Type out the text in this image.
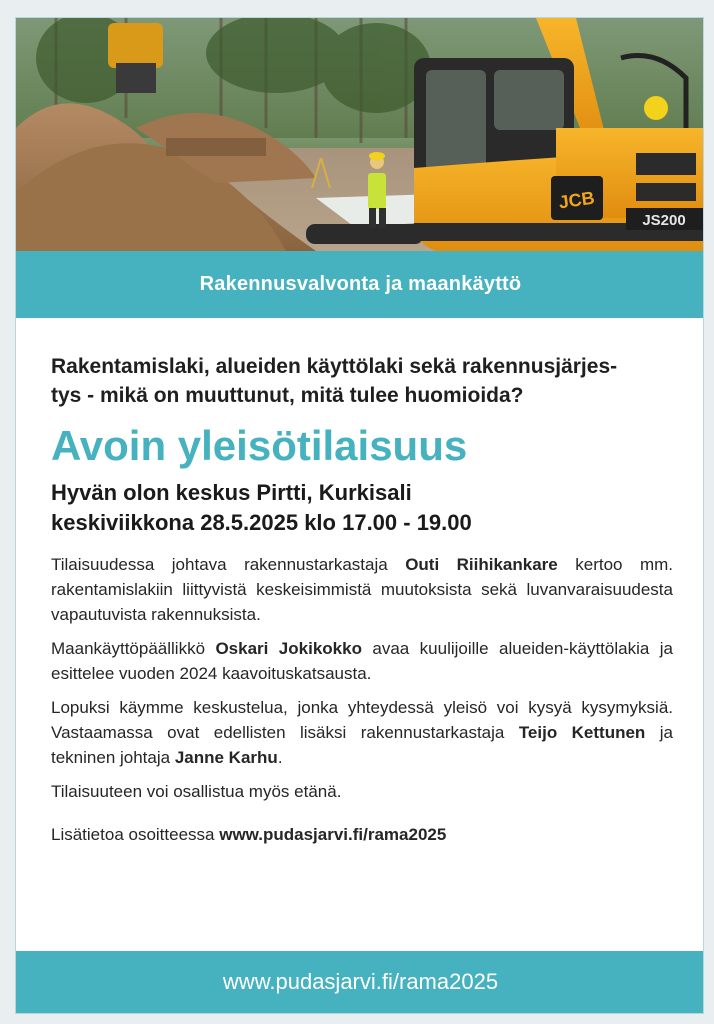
JCB
JS200
Rakennusvalvonta ja maankäyttö

Rakentamislaki, alueiden käyttölaki sekä rakennusjärjes-
tys - mikä on muuttunut, mitä tulee huomioida?

Avoin yleisötilaisuus

Hyvän olon keskus Pirtti, Kurkisali
keskiviikkona 28.5.2025 klo 17.00 - 19.00

Tilaisuudessa johtava rakennustarkastaja Outi Riihikankare kertoo mm. rakentamislakiin liittyvistä keskeisimmistä muutoksista sekä luvanvaraisuudesta vapautuvista rakennuksista.

Maankäyttöpäällikkö Oskari Jokikokko avaa kuulijoille alueiden-käyttölakia ja esittelee vuoden 2024 kaavoituskatsausta.

Lopuksi käymme keskustelua, jonka yhteydessä yleisö voi kysyä kysymyksiä. Vastaamassa ovat edellisten lisäksi rakennustarkastaja Teijo Kettunen ja tekninen johtaja Janne Karhu.

Tilaisuuteen voi osallistua myös etänä.

Lisätietoa osoitteessa www.pudasjarvi.fi/rama2025

www.pudasjarvi.fi/rama2025
